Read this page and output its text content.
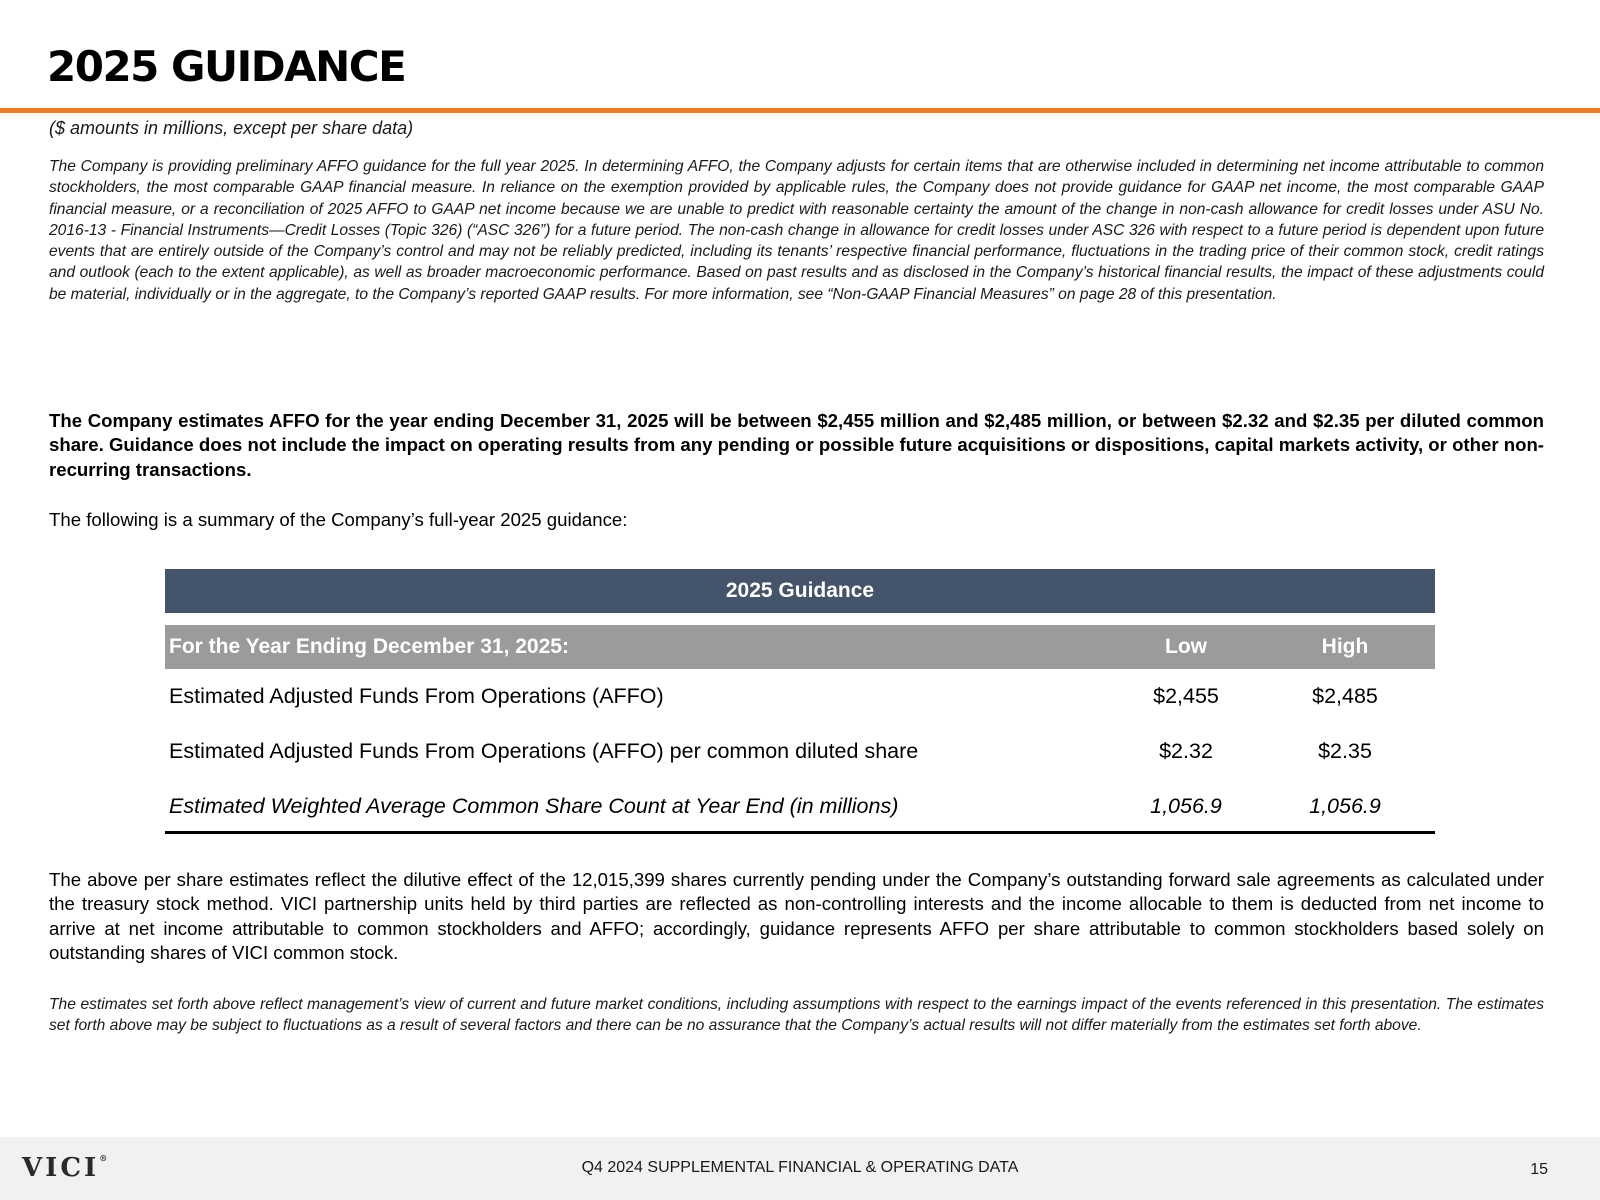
2025 GUIDANCE
($ amounts in millions, except per share data)

The Company is providing preliminary AFFO guidance for the full year 2025. In determining AFFO, the Company adjusts for certain items that are otherwise included in determining net income attributable to common stockholders, the most comparable GAAP financial measure. In reliance on the exemption provided by applicable rules, the Company does not provide guidance for GAAP net income, the most comparable GAAP financial measure, or a reconciliation of 2025 AFFO to GAAP net income because we are unable to predict with reasonable certainty the amount of the change in non-cash allowance for credit losses under ASU No. 2016-13 - Financial Instruments—Credit Losses (Topic 326) (“ASC 326”) for a future period. The non-cash change in allowance for credit losses under ASC 326 with respect to a future period is dependent upon future events that are entirely outside of the Company’s control and may not be reliably predicted, including its tenants’ respective financial performance, fluctuations in the trading price of their common stock, credit ratings and outlook (each to the extent applicable), as well as broader macroeconomic performance. Based on past results and as disclosed in the Company’s historical financial results, the impact of these adjustments could be material, individually or in the aggregate, to the Company’s reported GAAP results. For more information, see “Non-GAAP Financial Measures” on page 28 of this presentation.

The Company estimates AFFO for the year ending December 31, 2025 will be between $2,455 million and $2,485 million, or between $2.32 and $2.35 per diluted common share. Guidance does not include the impact on operating results from any pending or possible future acquisitions or dispositions, capital markets activity, or other non-recurring transactions.

The following is a summary of the Company’s full-year 2025 guidance:

2025 Guidance
For the Year Ending December 31, 2025:	Low	High
Estimated Adjusted Funds From Operations (AFFO)	$2,455	$2,485
Estimated Adjusted Funds From Operations (AFFO) per common diluted share	$2.32	$2.35
Estimated Weighted Average Common Share Count at Year End (in millions)	1,056.9	1,056.9

The above per share estimates reflect the dilutive effect of the 12,015,399 shares currently pending under the Company’s outstanding forward sale agreements as calculated under the treasury stock method. VICI partnership units held by third parties are reflected as non-controlling interests and the income allocable to them is deducted from net income to arrive at net income attributable to common stockholders and AFFO; accordingly, guidance represents AFFO per share attributable to common stockholders based solely on outstanding shares of VICI common stock.

The estimates set forth above reflect management’s view of current and future market conditions, including assumptions with respect to the earnings impact of the events referenced in this presentation. The estimates set forth above may be subject to fluctuations as a result of several factors and there can be no assurance that the Company’s actual results will not differ materially from the estimates set forth above.

VICI®
Q4 2024 SUPPLEMENTAL FINANCIAL & OPERATING DATA	15
